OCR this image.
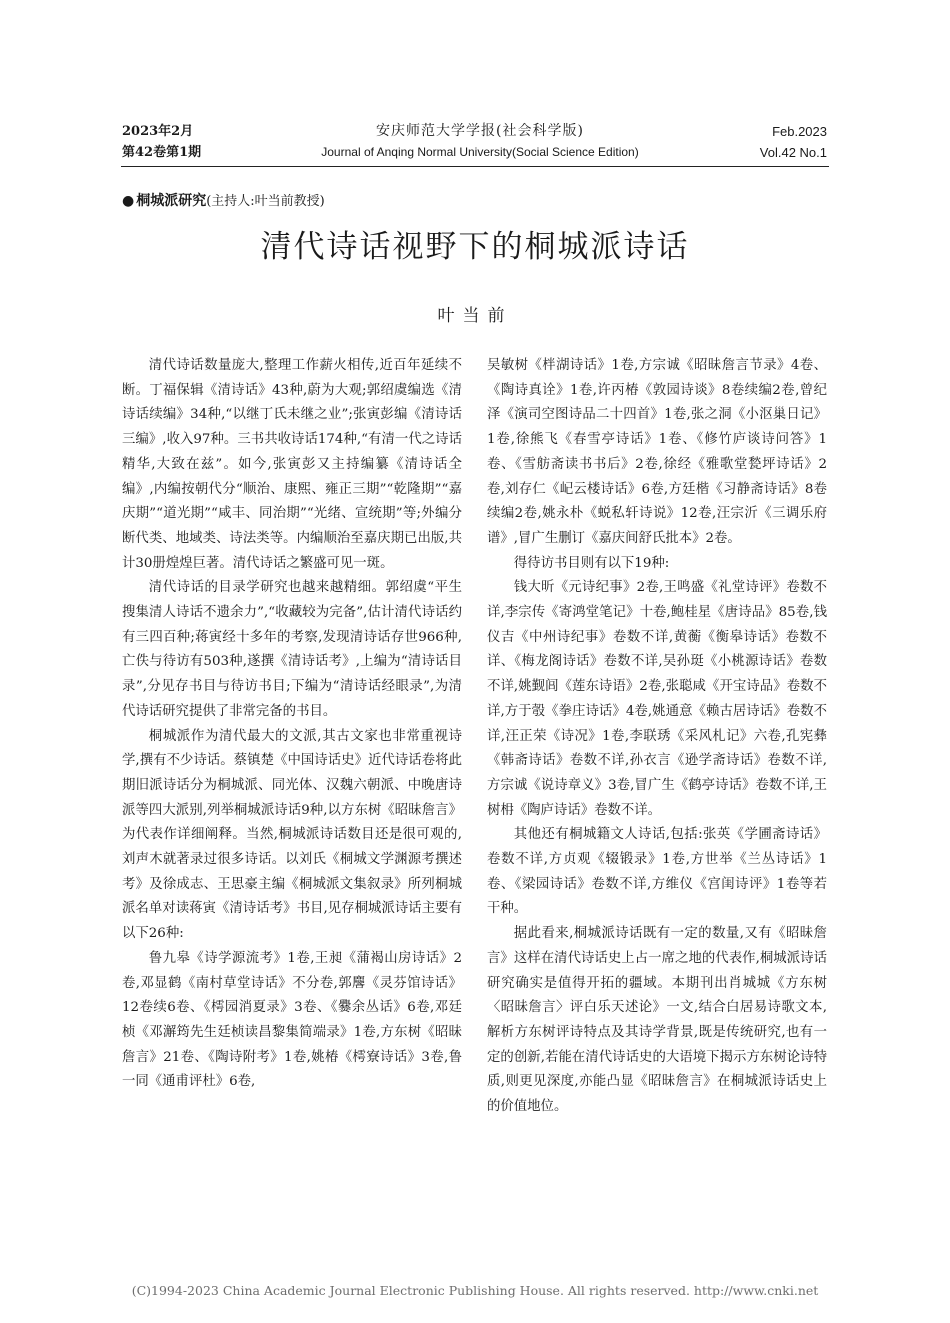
2023年2月
第42卷第1期
安庆师范大学学报(社会科学版)
Journal of Anqing Normal University(Social Science Edition)
Feb.2023
Vol.42 No.1
● 桐城派研究(主持人:叶当前教授)
清代诗话视野下的桐城派诗话
叶当前

清代诗话数量庞大,整理工作薪火相传,近百年延续不断。丁福保辑《清诗话》43种,蔚为大观;郭绍虞编选《清诗话续编》34种,“以继丁氏未继之业”;张寅彭编《清诗话三编》,收入97种。三书共收诗话174种,“有清一代之诗话精华,大致在兹”。如今,张寅彭又主持编纂《清诗话全编》,内编按朝代分“顺治、康熙、雍正三期”“乾隆期”“嘉庆期”“道光期”“咸丰、同治期”“光绪、宣统期”等;外编分断代类、地域类、诗法类等。内编顺治至嘉庆期已出版,共计30册煌煌巨著。清代诗话之繁盛可见一斑。

清代诗话的目录学研究也越来越精细。郭绍虞“平生搜集清人诗话不遗余力”,“收藏较为完备”,估计清代诗话约有三四百种;蒋寅经十多年的考察,发现清诗话存世966种,亡佚与待访有503种,遂撰《清诗话考》,上编为“清诗话目录”,分见存书目与待访书目;下编为“清诗话经眼录”,为清代诗话研究提供了非常完备的书目。

桐城派作为清代最大的文派,其古文家也非常重视诗学,撰有不少诗话。蔡镇楚《中国诗话史》近代诗话卷将此期旧派诗话分为桐城派、同光体、汉魏六朝派、中晚唐诗派等四大派别,列举桐城派诗话9种,以方东树《昭昧詹言》为代表作详细阐释。当然,桐城派诗话数目还是很可观的,刘声木就著录过很多诗话。以刘氏《桐城文学渊源考撰述考》及徐成志、王思豪主编《桐城派文集叙录》所列桐城派名单对读蒋寅《清诗话考》书目,见存桐城派诗话主要有以下26种:

鲁九皋《诗学源流考》1卷,王昶《蒲褐山房诗话》2卷,邓显鹤《南村草堂诗话》不分卷,郭麐《灵芬馆诗话》12卷续6卷、《樗园消夏录》3卷、《爨余丛话》6卷,邓廷桢《邓澥筠先生廷桢读昌黎集简端录》1卷,方东树《昭昧詹言》21卷、《陶诗附考》1卷,姚椿《樗寮诗话》3卷,鲁一同《通甫评杜》6卷,

吴敏树《柈湖诗话》1卷,方宗诚《昭昧詹言节录》4卷、《陶诗真诠》1卷,许丙椿《敦园诗谈》8卷续编2卷,曾纪泽《演司空图诗品二十四首》1卷,张之洞《小沤巢日记》1卷,徐熊飞《春雪亭诗话》1卷、《修竹庐谈诗问答》1卷、《雪舫斋读书书后》2卷,徐经《雅歌堂甃坪诗话》2卷,刘存仁《屺云楼诗话》6卷,方廷楷《习静斋诗话》8卷续编2卷,姚永朴《蜕私轩诗说》12卷,汪宗沂《三调乐府谱》,冒广生删订《嘉庆间舒氏批本》2卷。

得待访书目则有以下19种:

钱大昕《元诗纪事》2卷,王鸣盛《礼堂诗评》卷数不详,李宗传《寄鸿堂笔记》十卷,鲍桂星《唐诗品》85卷,钱仪吉《中州诗纪事》卷数不详,黄蘅《衡皋诗话》卷数不详、《梅龙阁诗话》卷数不详,吴孙珽《小桃源诗话》卷数不详,姚觐闾《莲东诗语》2卷,张聪咸《开宝诗品》卷数不详,方于彀《拳庄诗话》4卷,姚通意《赖古居诗话》卷数不详,汪正荣《诗况》1卷,李联琇《采风札记》六卷,孔宪彝《韩斋诗话》卷数不详,孙衣言《逊学斋诗话》卷数不详,方宗诚《说诗章义》3卷,冒广生《鹤亭诗话》卷数不详,王树枏《陶庐诗话》卷数不详。

其他还有桐城籍文人诗话,包括:张英《学圃斋诗话》卷数不详,方贞观《辍锻录》1卷,方世举《兰丛诗话》1卷、《梁园诗话》卷数不详,方维仪《宫闺诗评》1卷等若干种。

据此看来,桐城派诗话既有一定的数量,又有《昭昧詹言》这样在清代诗话史上占一席之地的代表作,桐城派诗话研究确实是值得开拓的疆域。本期刊出肖城城《方东树〈昭昧詹言〉评白乐天述论》一文,结合白居易诗歌文本,解析方东树评诗特点及其诗学背景,既是传统研究,也有一定的创新,若能在清代诗话史的大语境下揭示方东树论诗特质,则更见深度,亦能凸显《昭昧詹言》在桐城派诗话史上的价值地位。

(C)1994-2023 China Academic Journal Electronic Publishing House. All rights reserved. http://www.cnki.net
